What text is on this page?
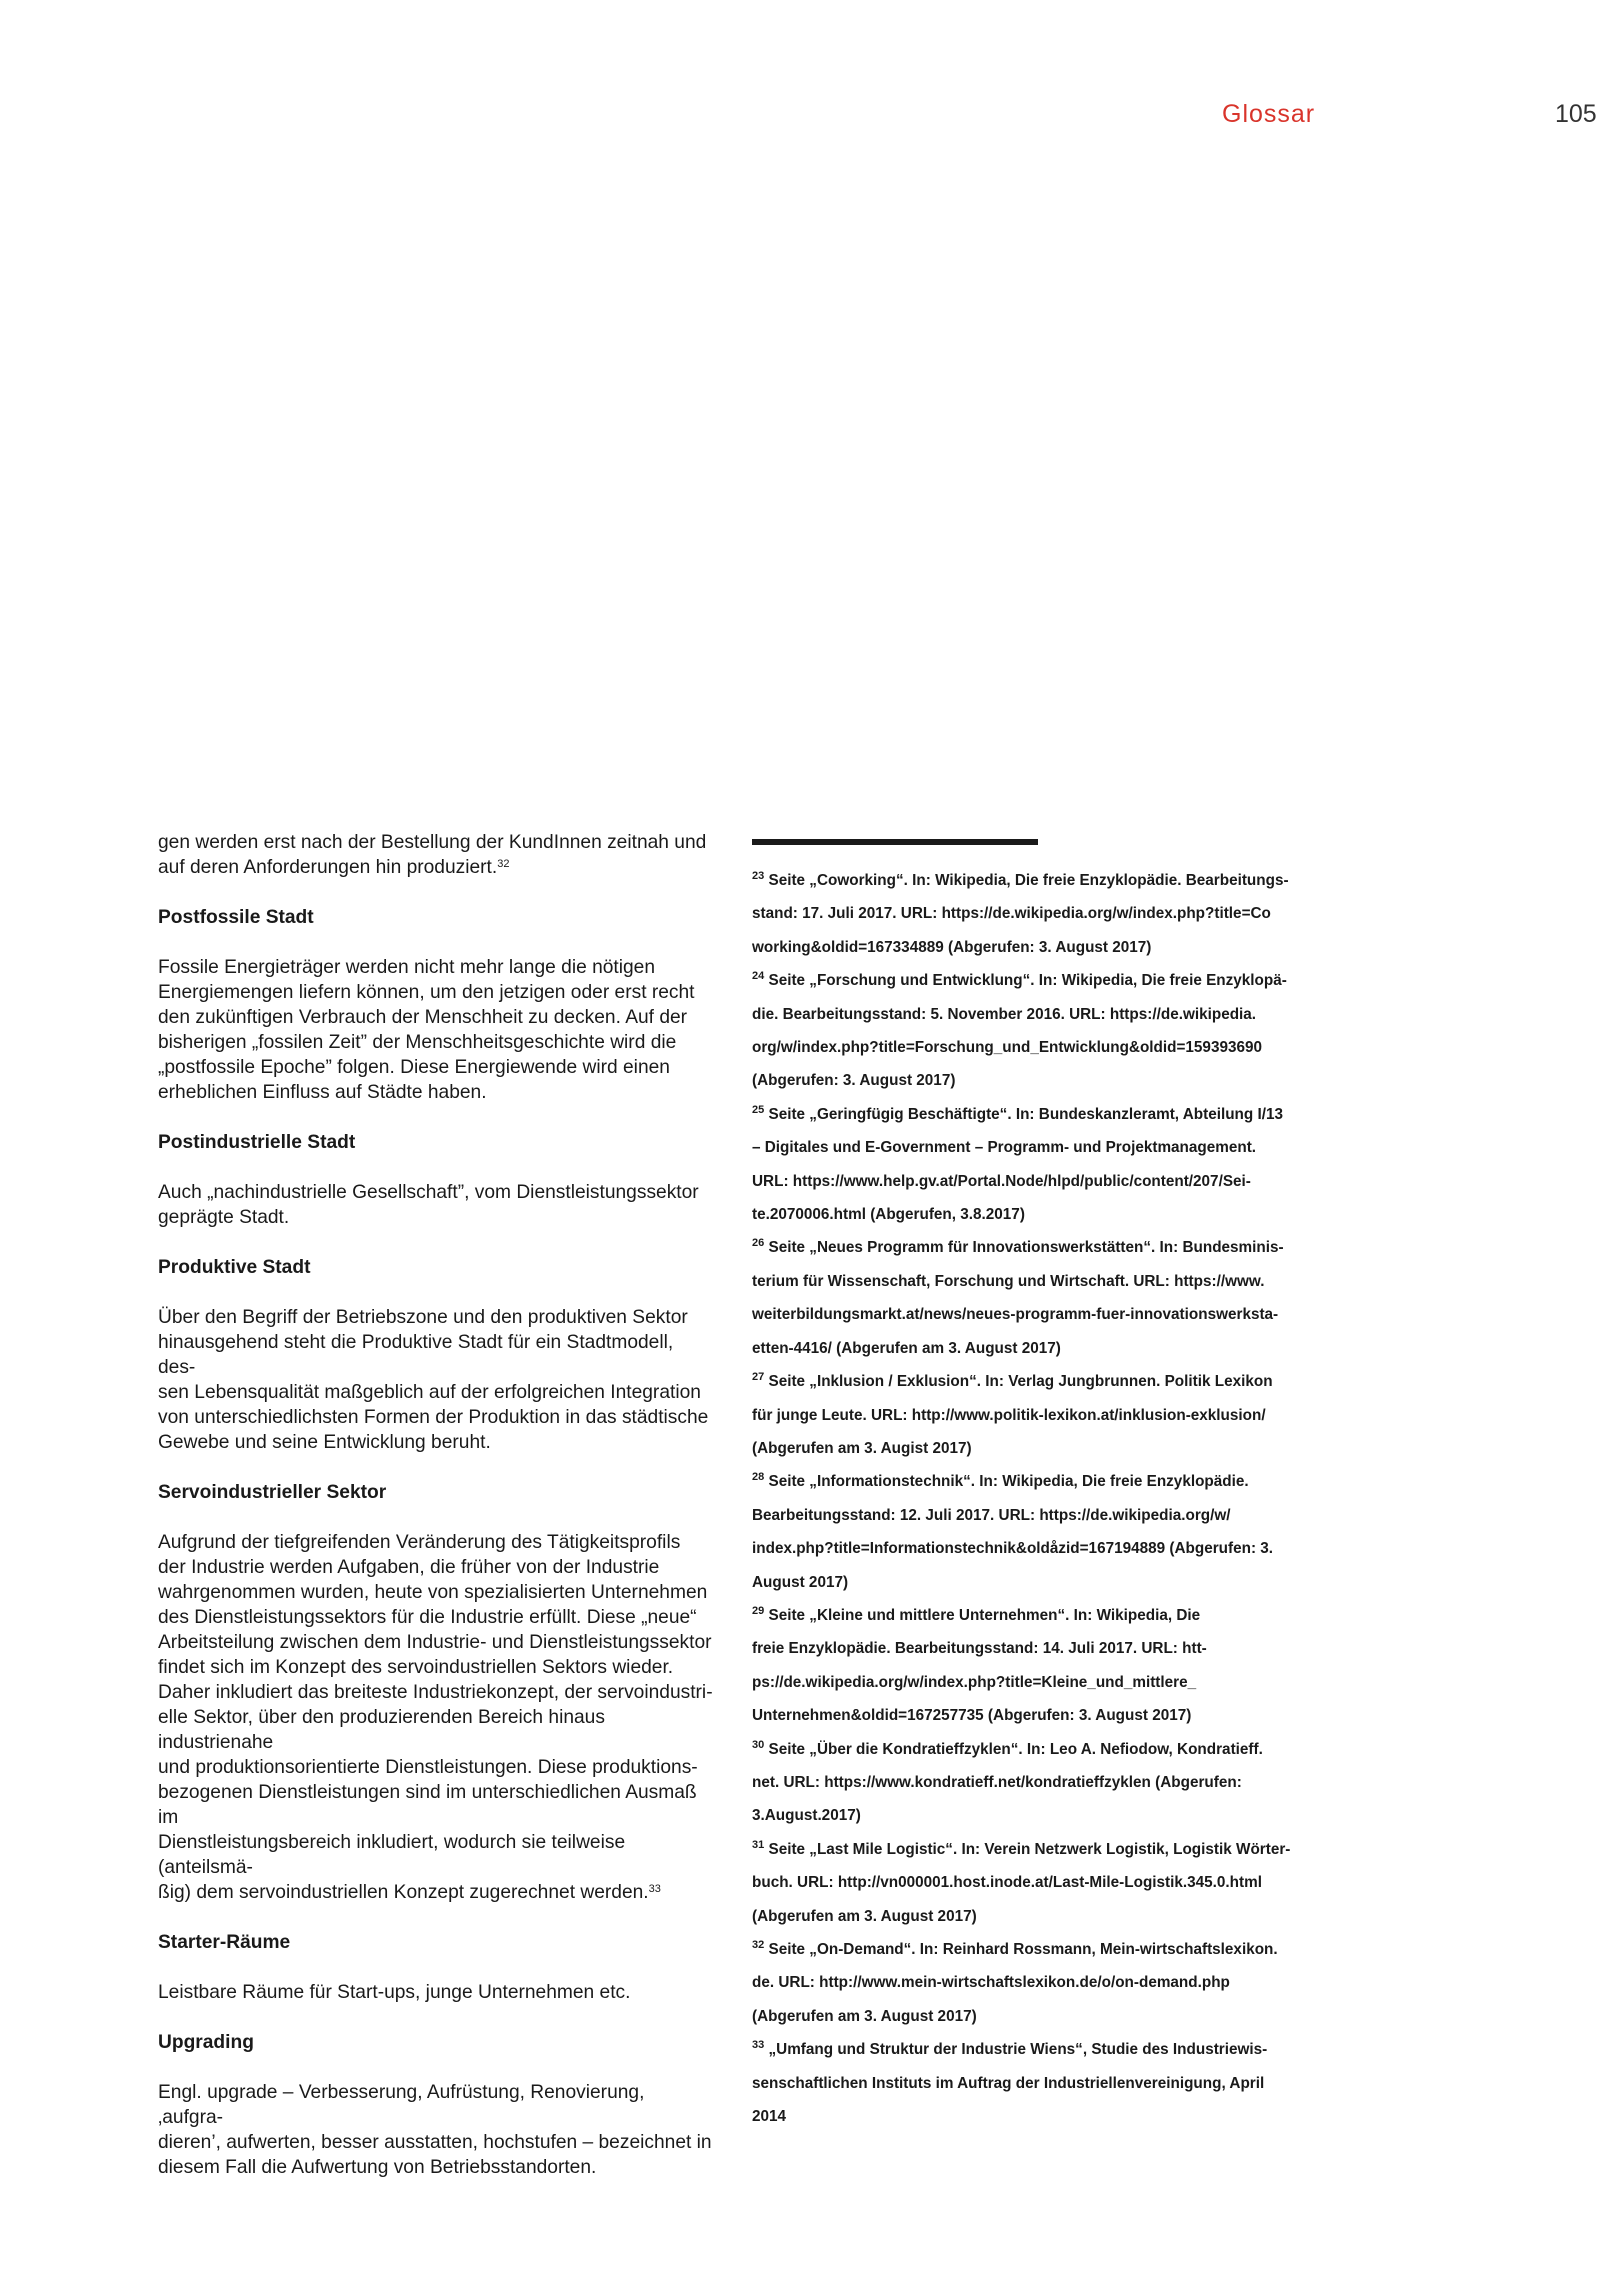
Glossar	105

gen werden erst nach der Bestellung der KundInnen zeitnah und
auf deren Anforderungen hin produziert.$^{32}$

Postfossile Stadt

Fossile Energieträger werden nicht mehr lange die nötigen
Energiemengen liefern können, um den jetzigen oder erst recht
den zukünftigen Verbrauch der Menschheit zu decken. Auf der
bisherigen „fossilen Zeit” der Menschheitsgeschichte wird die
„postfossile Epoche” folgen. Diese Energiewende wird einen
erheblichen Einfluss auf Städte haben.

Postindustrielle Stadt

Auch „nachindustrielle Gesellschaft”, vom Dienstleistungssektor
geprägte Stadt.

Produktive Stadt

Über den Begriff der Betriebszone und den produktiven Sektor
hinausgehend steht die Produktive Stadt für ein Stadtmodell, des-
sen Lebensqualität maßgeblich auf der erfolgreichen Integration
von unterschiedlichsten Formen der Produktion in das städtische
Gewebe und seine Entwicklung beruht.

Servoindustrieller Sektor

Aufgrund der tiefgreifenden Veränderung des Tätigkeitsprofils
der Industrie werden Aufgaben, die früher von der Industrie
wahrgenommen wurden, heute von spezialisierten Unternehmen
des Dienstleistungssektors für die Industrie erfüllt. Diese „neue“
Arbeitsteilung zwischen dem Industrie- und Dienstleistungssektor
findet sich im Konzept des servoindustriellen Sektors wieder.
Daher inkludiert das breiteste Industriekonzept, der servoindustri-
elle Sektor, über den produzierenden Bereich hinaus industrienahe
und produktionsorientierte Dienstleistungen. Diese produktions-
bezogenen Dienstleistungen sind im unterschiedlichen Ausmaß im
Dienstleistungsbereich inkludiert, wodurch sie teilweise (anteilsmä-
ßig) dem servoindustriellen Konzept zugerechnet werden.$^{33}$

Starter-Räume

Leistbare Räume für Start-ups, junge Unternehmen etc.

Upgrading

Engl. upgrade – Verbesserung, Aufrüstung, Renovierung, ‚aufgra-
dieren’, aufwerten, besser ausstatten, hochstufen – bezeichnet in
diesem Fall die Aufwertung von Betriebsstandorten.

$^{23}$ Seite „Coworking“. In: Wikipedia, Die freie Enzyklopädie. Bearbeitungs-
stand: 17. Juli 2017. URL: https://de.wikipedia.org/w/index.php?title=Co
working&oldid=167334889 (Abgerufen: 3. August 2017)
$^{24}$ Seite „Forschung und Entwicklung“. In: Wikipedia, Die freie Enzyklopä-
die. Bearbeitungsstand: 5. November 2016. URL: https://de.wikipedia.
org/w/index.php?title=Forschung_und_Entwicklung&oldid=159393690
(Abgerufen: 3. August 2017)
$^{25}$ Seite „Geringfügig Beschäftigte“. In: Bundeskanzleramt, Abteilung I/13
– Digitales und E-Government – Programm- und Projektmanagement.
URL: https://www.help.gv.at/Portal.Node/hlpd/public/content/207/Sei-
te.2070006.html (Abgerufen, 3.8.2017)
$^{26}$ Seite „Neues Programm für Innovationswerkstätten“. In: Bundesminis-
terium für Wissenschaft, Forschung und Wirtschaft. URL: https://www.
weiterbildungsmarkt.at/news/neues-programm-fuer-innovationswerksta-
etten-4416/ (Abgerufen am 3. August 2017)
$^{27}$ Seite „Inklusion / Exklusion“. In: Verlag Jungbrunnen. Politik Lexikon
für junge Leute. URL: http://www.politik-lexikon.at/inklusion-exklusion/
(Abgerufen am 3. Augist 2017)
$^{28}$ Seite „Informationstechnik“. In: Wikipedia, Die freie Enzyklopädie.
Bearbeitungsstand: 12. Juli 2017. URL: https://de.wikipedia.org/w/
index.php?title=Informationstechnik&oldåzid=167194889 (Abgerufen: 3.
August 2017)
$^{29}$ Seite „Kleine und mittlere Unternehmen“. In: Wikipedia, Die
freie Enzyklopädie. Bearbeitungsstand: 14. Juli 2017. URL: htt-
ps://de.wikipedia.org/w/index.php?title=Kleine_und_mittlere_
Unternehmen&oldid=167257735 (Abgerufen: 3. August 2017)
$^{30}$ Seite „Über die Kondratieffzyklen“. In: Leo A. Nefiodow, Kondratieff.
net. URL: https://www.kondratieff.net/kondratieffzyklen (Abgerufen:
3.August.2017)
$^{31}$ Seite „Last Mile Logistic“. In: Verein Netzwerk Logistik, Logistik Wörter-
buch. URL: http://vn000001.host.inode.at/Last-Mile-Logistik.345.0.html
(Abgerufen am 3. August 2017)
$^{32}$ Seite „On-Demand“. In: Reinhard Rossmann, Mein-wirtschaftslexikon.
de. URL: http://www.mein-wirtschaftslexikon.de/o/on-demand.php
(Abgerufen am 3. August 2017)
$^{33}$ „Umfang und Struktur der Industrie Wiens“, Studie des Industriewis-
senschaftlichen Instituts im Auftrag der Industriellenvereinigung, April
2014
